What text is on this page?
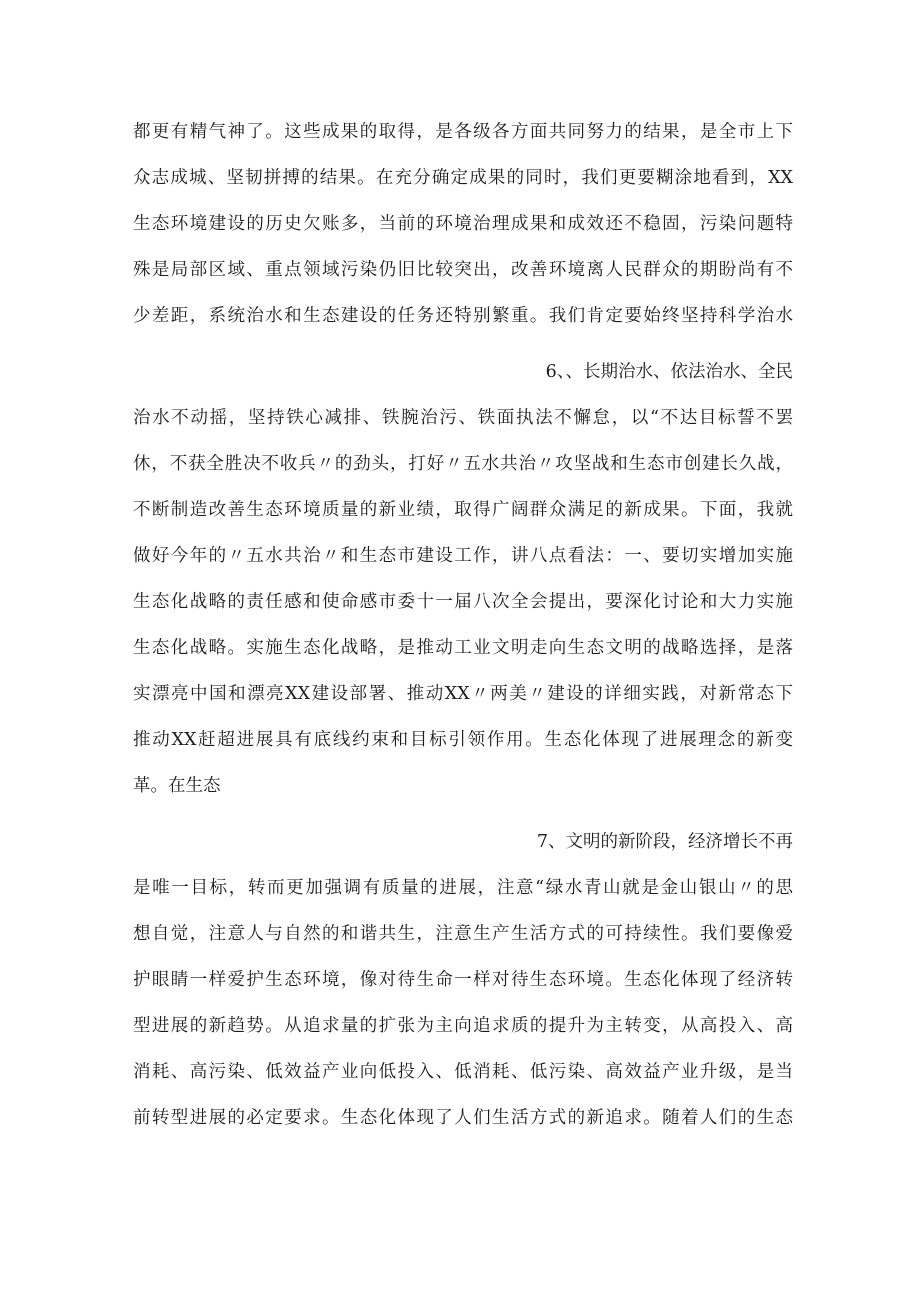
都更有精气神了。这些成果的取得，是各级各方面共同努力的结果，是全市上下
众志成城、坚韧拼搏的结果。在充分确定成果的同时，我们更要糊涂地看到，XX
生态环境建设的历史欠账多，当前的环境治理成果和成效还不稳固，污染问题特
殊是局部区域、重点领域污染仍旧比较突出，改善环境离人民群众的期盼尚有不
少差距，系统治水和生态建设的任务还特别繁重。我们肯定要始终坚持科学治水
6、、长期治水、依法治水、全民
治水不动摇，坚持铁心减排、铁腕治污、铁面执法不懈怠，以“不达目标誓不罢
休，不获全胜决不收兵〃的劲头，打好〃五水共治〃攻坚战和生态市创建长久战，
不断制造改善生态环境质量的新业绩，取得广阔群众满足的新成果。下面，我就
做好今年的〃五水共治〃和生态市建设工作，讲八点看法：一、要切实增加实施
生态化战略的责任感和使命感市委十一届八次全会提出，要深化讨论和大力实施
生态化战略。实施生态化战略，是推动工业文明走向生态文明的战略选择，是落
实漂亮中国和漂亮XX建设部署、推动XX〃两美〃建设的详细实践，对新常态下
推动XX赶超进展具有底线约束和目标引领作用。生态化体现了进展理念的新变
革。在生态
7、文明的新阶段，经济增长不再
是唯一目标，转而更加强调有质量的进展，注意“绿水青山就是金山银山〃的思
想自觉，注意人与自然的和谐共生，注意生产生活方式的可持续性。我们要像爱
护眼睛一样爱护生态环境，像对待生命一样对待生态环境。生态化体现了经济转
型进展的新趋势。从追求量的扩张为主向追求质的提升为主转变，从高投入、高
消耗、高污染、低效益产业向低投入、低消耗、低污染、高效益产业升级，是当
前转型进展的必定要求。生态化体现了人们生活方式的新追求。随着人们的生态
